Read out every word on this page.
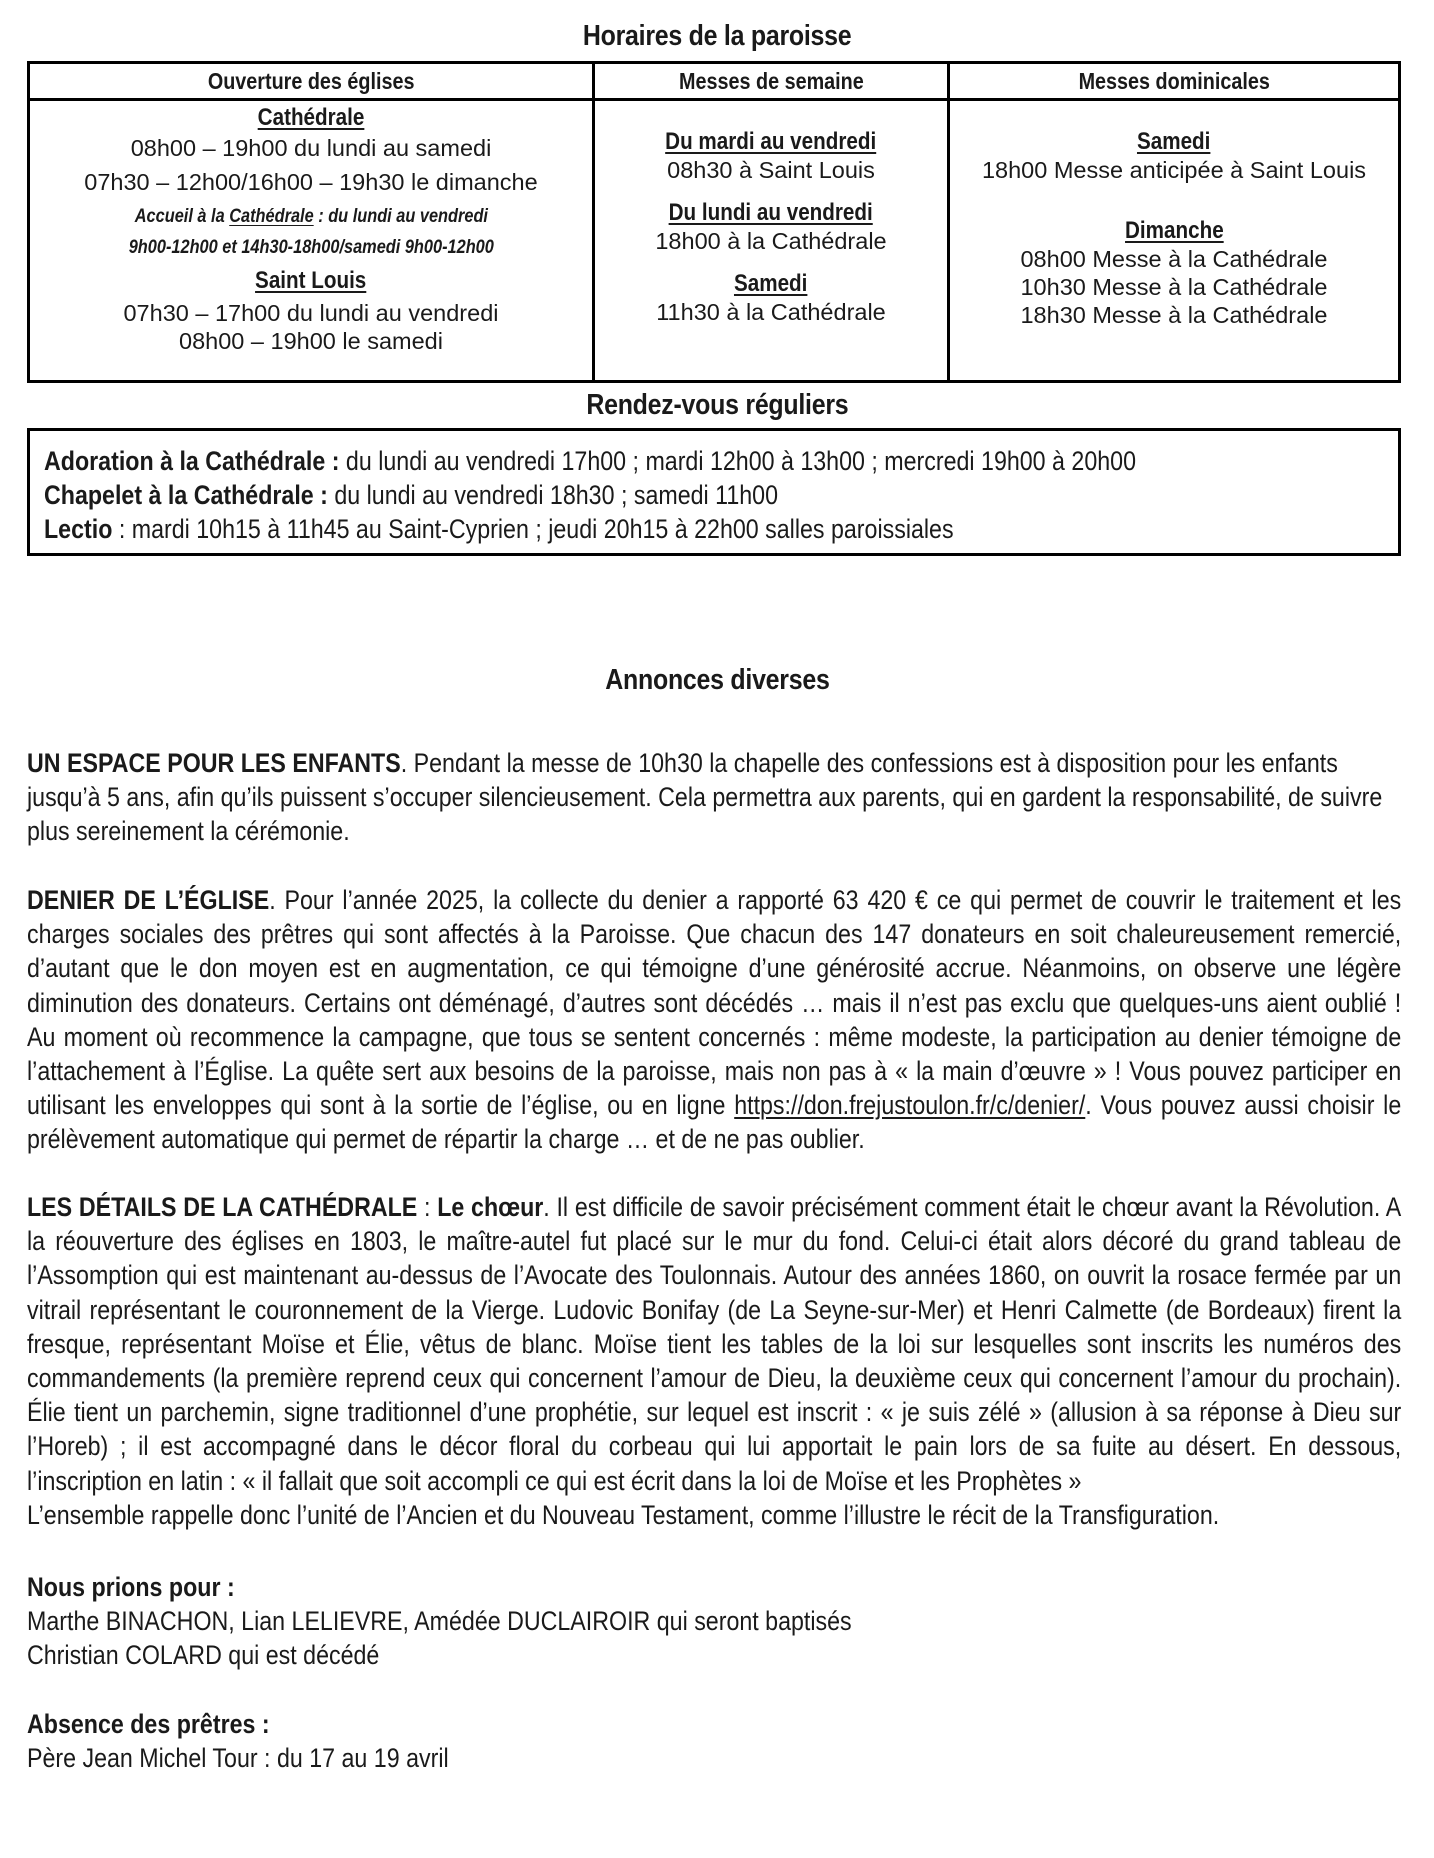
Horaires de la paroisse
Ouverture des églises
Cathédrale
08h00 – 19h00 du lundi au samedi
07h30 – 12h00/16h00 – 19h30 le dimanche
Accueil à la Cathédrale : du lundi au vendredi
9h00-12h00 et 14h30-18h00/samedi 9h00-12h00
Saint Louis
07h30 – 17h00 du lundi au vendredi
08h00 – 19h00 le samedi
Messes de semaine
Du mardi au vendredi
08h30 à Saint Louis
Du lundi au vendredi
18h00 à la Cathédrale
Samedi
11h30 à la Cathédrale
Messes dominicales
Samedi
18h00 Messe anticipée à Saint Louis
Dimanche
08h00 Messe à la Cathédrale
10h30 Messe à la Cathédrale
18h30 Messe à la Cathédrale
Rendez-vous réguliers
Adoration à la Cathédrale : du lundi au vendredi 17h00 ; mardi 12h00 à 13h00 ; mercredi 19h00 à 20h00
Chapelet à la Cathédrale : du lundi au vendredi 18h30 ; samedi 11h00
Lectio : mardi 10h15 à 11h45 au Saint-Cyprien ; jeudi 20h15 à 22h00 salles paroissiales
Annonces diverses
UN ESPACE POUR LES ENFANTS. Pendant la messe de 10h30 la chapelle des confessions est à disposition pour les enfants jusqu’à 5 ans, afin qu’ils puissent s’occuper silencieusement. Cela permettra aux parents, qui en gardent la responsabilité, de suivre plus sereinement la cérémonie.
DENIER DE L’ÉGLISE. Pour l’année 2025, la collecte du denier a rapporté 63 420 € ce qui permet de couvrir le traitement et les charges sociales des prêtres qui sont affectés à la Paroisse. Que chacun des 147 donateurs en soit chaleureusement remercié, d’autant que le don moyen est en augmentation, ce qui témoigne d’une générosité accrue. Néanmoins, on observe une légère diminution des donateurs. Certains ont déménagé, d’autres sont décédés … mais il n’est pas exclu que quelques-uns aient oublié ! Au moment où recommence la campagne, que tous se sentent concernés : même modeste, la participation au denier témoigne de l’attachement à l’Église. La quête sert aux besoins de la paroisse, mais non pas à « la main d’œuvre » ! Vous pouvez participer en utilisant les enveloppes qui sont à la sortie de l’église, ou en ligne https://don.frejustoulon.fr/c/denier/. Vous pouvez aussi choisir le prélèvement automatique qui permet de répartir la charge … et de ne pas oublier.
LES DÉTAILS DE LA CATHÉDRALE : Le chœur. Il est difficile de savoir précisément comment était le chœur avant la Révolution. A la réouverture des églises en 1803, le maître-autel fut placé sur le mur du fond. Celui-ci était alors décoré du grand tableau de l’Assomption qui est maintenant au-dessus de l’Avocate des Toulonnais. Autour des années 1860, on ouvrit la rosace fermée par un vitrail représentant le couronnement de la Vierge. Ludovic Bonifay (de La Seyne-sur-Mer) et Henri Calmette (de Bordeaux) firent la fresque, représentant Moïse et Élie, vêtus de blanc. Moïse tient les tables de la loi sur lesquelles sont inscrits les numéros des commandements (la première reprend ceux qui concernent l’amour de Dieu, la deuxième ceux qui concernent l’amour du prochain). Élie tient un parchemin, signe traditionnel d’une prophétie, sur lequel est inscrit : « je suis zélé » (allusion à sa réponse à Dieu sur l’Horeb) ; il est accompagné dans le décor floral du corbeau qui lui apportait le pain lors de sa fuite au désert. En dessous, l’inscription en latin : « il fallait que soit accompli ce qui est écrit dans la loi de Moïse et les Prophètes »
L’ensemble rappelle donc l’unité de l’Ancien et du Nouveau Testament, comme l’illustre le récit de la Transfiguration.
Nous prions pour :
Marthe BINACHON, Lian LELIEVRE, Amédée DUCLAIROIR qui seront baptisés
Christian COLARD qui est décédé
Absence des prêtres :
Père Jean Michel Tour : du 17 au 19 avril
